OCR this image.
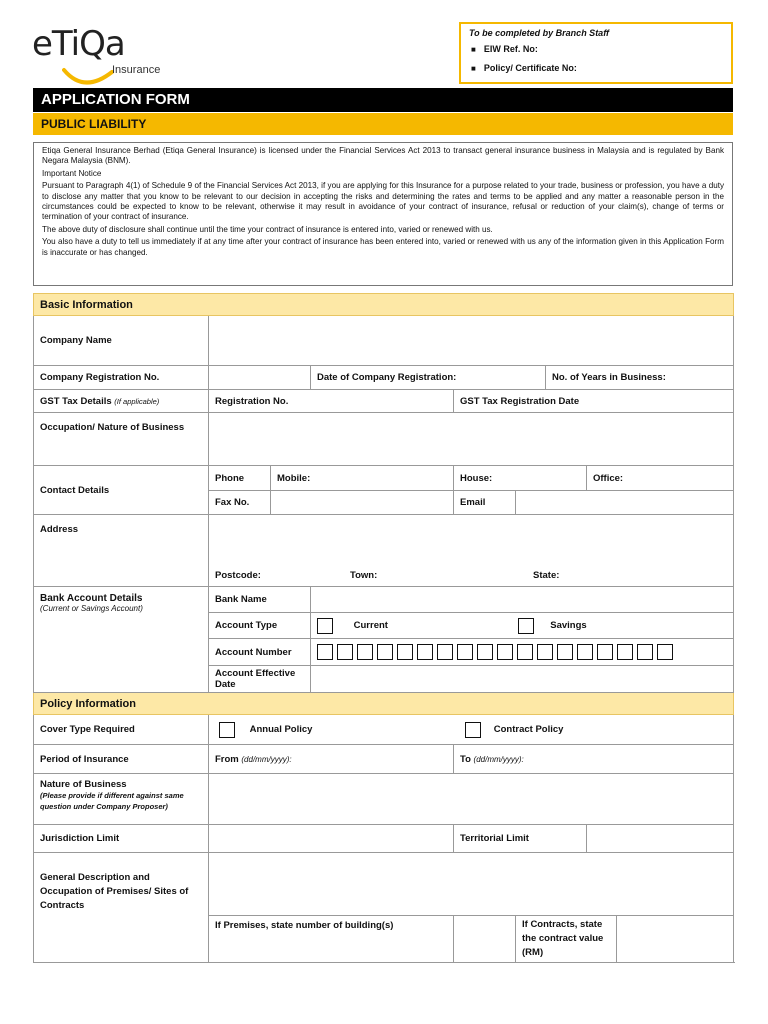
eTiQa
Insurance
To be completed by Branch Staff
■ EIW Ref. No:
■ Policy/ Certificate No:
APPLICATION FORM
PUBLIC LIABILITY

Etiqa General Insurance Berhad (Etiqa General Insurance) is licensed under the Financial Services Act 2013 to transact general insurance business in Malaysia and is regulated by Bank Negara Malaysia (BNM).

Important Notice

Pursuant to Paragraph 4(1) of Schedule 9 of the Financial Services Act 2013, if you are applying for this Insurance for a purpose related to your trade, business or profession, you have a duty to disclose any matter that you know to be relevant to our decision in accepting the risks and determining the rates and terms to be applied and any matter a reasonable person in the circumstances could be expected to know to be relevant, otherwise it may result in avoidance of your contract of insurance, refusal or reduction of your claim(s), change of terms or termination of your contract of insurance.

The above duty of disclosure shall continue until the time your contract of insurance is entered into, varied or renewed with us.

You also have a duty to tell us immediately if at any time after your contract of insurance has been entered into, varied or renewed with us any of the information given in this Application Form is inaccurate or has changed.

Basic Information
Company Name	
Company Registration No.		Date of Company Registration:	No. of Years in Business:
GST Tax Details (If applicable)	Registration No.	GST Tax Registration Date
Occupation/ Nature of Business	
Contact Details	Phone	Mobile:	House:	Office:
Fax No.		Email	
Address	
Postcode:	Town:	State:

Bank Account Details
(Current or Savings Account)
	Bank Name	
Account Type	Current	Savings
Account Number	

Account Effective Date	
Policy Information
Cover Type Required	Annual Policy	Contract Policy
Period of Insurance	From (dd/mm/yyyy):	To (dd/mm/yyyy):

Nature of Business
(Please provide if different against same question under Company Proposer)

Jurisdiction Limit		Territorial Limit	
General Description and Occupation of Premises/ Sites of Contracts	
If Premises, state number of building(s)		If Contracts, state the contract value (RM)	
